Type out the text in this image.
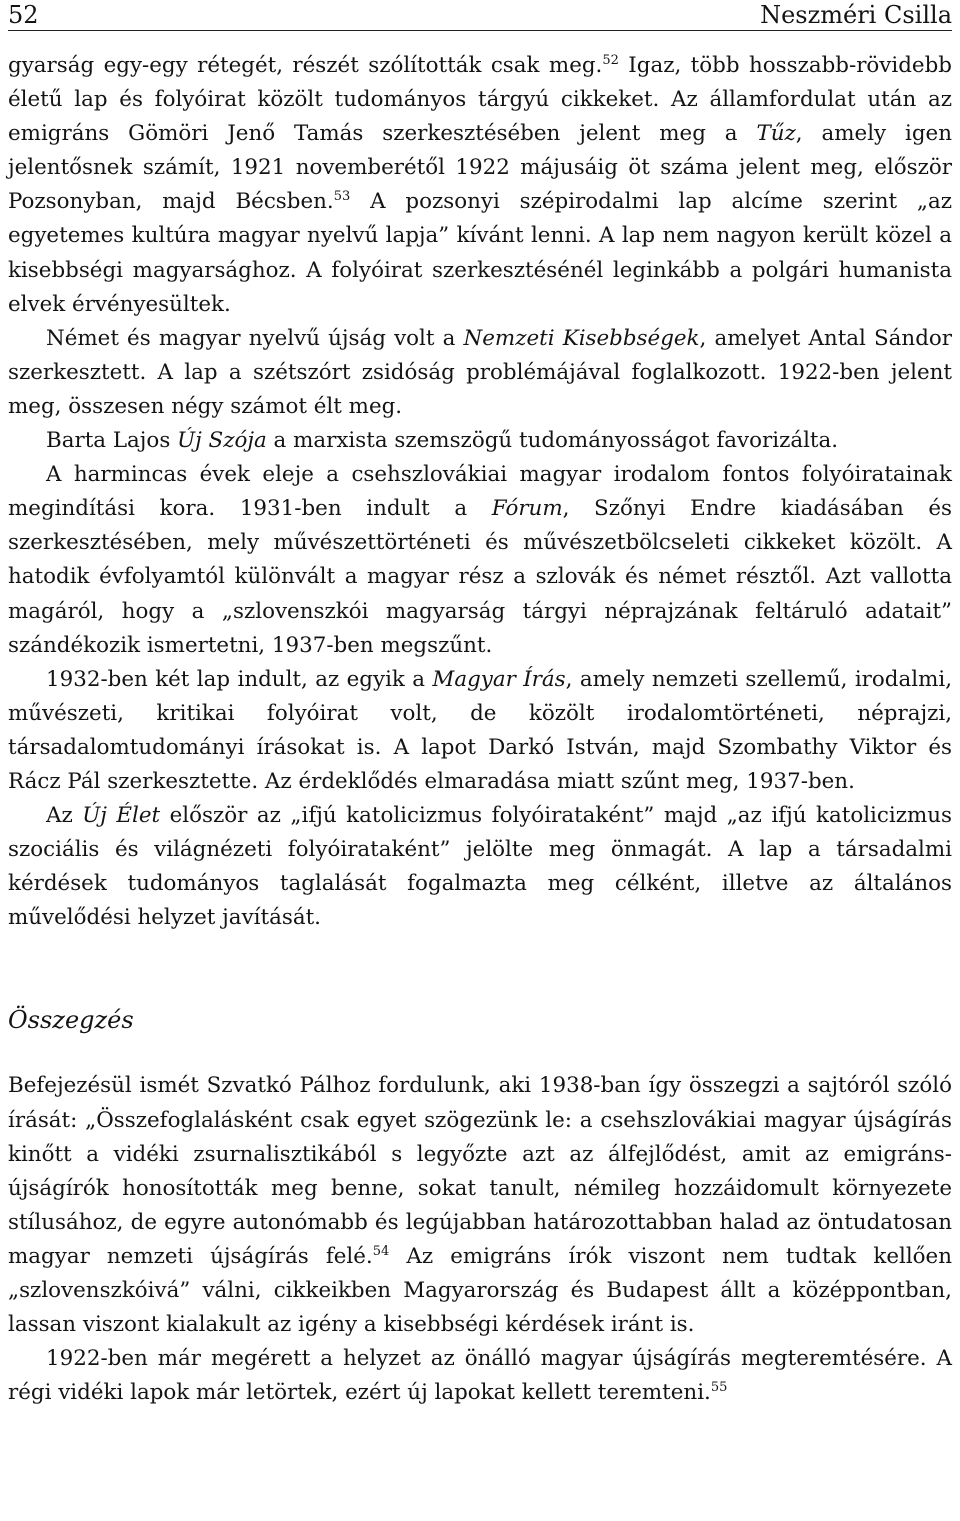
52	Neszméri Csilla

gyarság egy-egy rétegét, részét szólították csak meg.$^{52}$ Igaz, több hosszabb-rövidebb életű lap és folyóirat közölt tudományos tárgyú cikkeket. Az államfordulat után az emigráns Gömöri Jenő Tamás szerkesztésében jelent meg a Tűz, amely igen jelentősnek számít, 1921 novemberétől 1922 májusáig öt száma jelent meg, először Pozsonyban, majd Bécsben.$^{53}$ A pozsonyi szépirodalmi lap alcíme szerint „az egyetemes kultúra magyar nyelvű lapja” kívánt lenni. A lap nem nagyon került közel a kisebbségi magyarsághoz. A folyóirat szerkesztésénél leginkább a polgári humanista elvek érvényesültek.

Német és magyar nyelvű újság volt a Nemzeti Kisebbségek, amelyet Antal Sándor szerkesztett. A lap a szétszórt zsidóság problémájával foglalkozott. 1922-ben jelent meg, összesen négy számot élt meg.

Barta Lajos Új Szója a marxista szemszögű tudományosságot favorizálta.

A harmincas évek eleje a csehszlovákiai magyar irodalom fontos folyóiratainak megindítási kora. 1931-ben indult a Fórum, Szőnyi Endre kiadásában és szerkesztésében, mely művészettörténeti és művészetbölcseleti cikkeket közölt. A hatodik évfolyamtól különvált a magyar rész a szlovák és német résztől. Azt vallotta magáról, hogy a „szlovenszkói magyarság tárgyi néprajzának feltáruló adatait” szándékozik ismertetni, 1937-ben megszűnt.

1932-ben két lap indult, az egyik a Magyar Írás, amely nemzeti szellemű, irodalmi, művészeti, kritikai folyóirat volt, de közölt irodalomtörténeti, néprajzi, társadalomtudományi írásokat is. A lapot Darkó István, majd Szombathy Viktor és Rácz Pál szerkesztette. Az érdeklődés elmaradása miatt szűnt meg, 1937-ben.

Az Új Élet először az „ifjú katolicizmus folyóirataként” majd „az ifjú katolicizmus szociális és világnézeti folyóirataként” jelölte meg önmagát. A lap a társadalmi kérdések tudományos taglalását fogalmazta meg célként, illetve az általános művelődési helyzet javítását.

Összegzés

Befejezésül ismét Szvatkó Pálhoz fordulunk, aki 1938-ban így összegzi a sajtóról szóló írását: „Összefoglalásként csak egyet szögezünk le: a csehszlovákiai magyar újságírás kinőtt a vidéki zsurnalisztikából s legyőzte azt az álfejlődést, amit az emigráns-újságírók honosították meg benne, sokat tanult, némileg hozzáidomult környezete stílusához, de egyre autonómabb és legújabban határozottabban halad az öntudatosan magyar nemzeti újságírás felé.$^{54}$ Az emigráns írók viszont nem tudtak kellően „szlovenszkóivá” válni, cikkeikben Magyarország és Budapest állt a középpontban, lassan viszont kialakult az igény a kisebbségi kérdések iránt is.

1922-ben már megérett a helyzet az önálló magyar újságírás megteremtésére. A régi vidéki lapok már letörtek, ezért új lapokat kellett teremteni.$^{55}$
